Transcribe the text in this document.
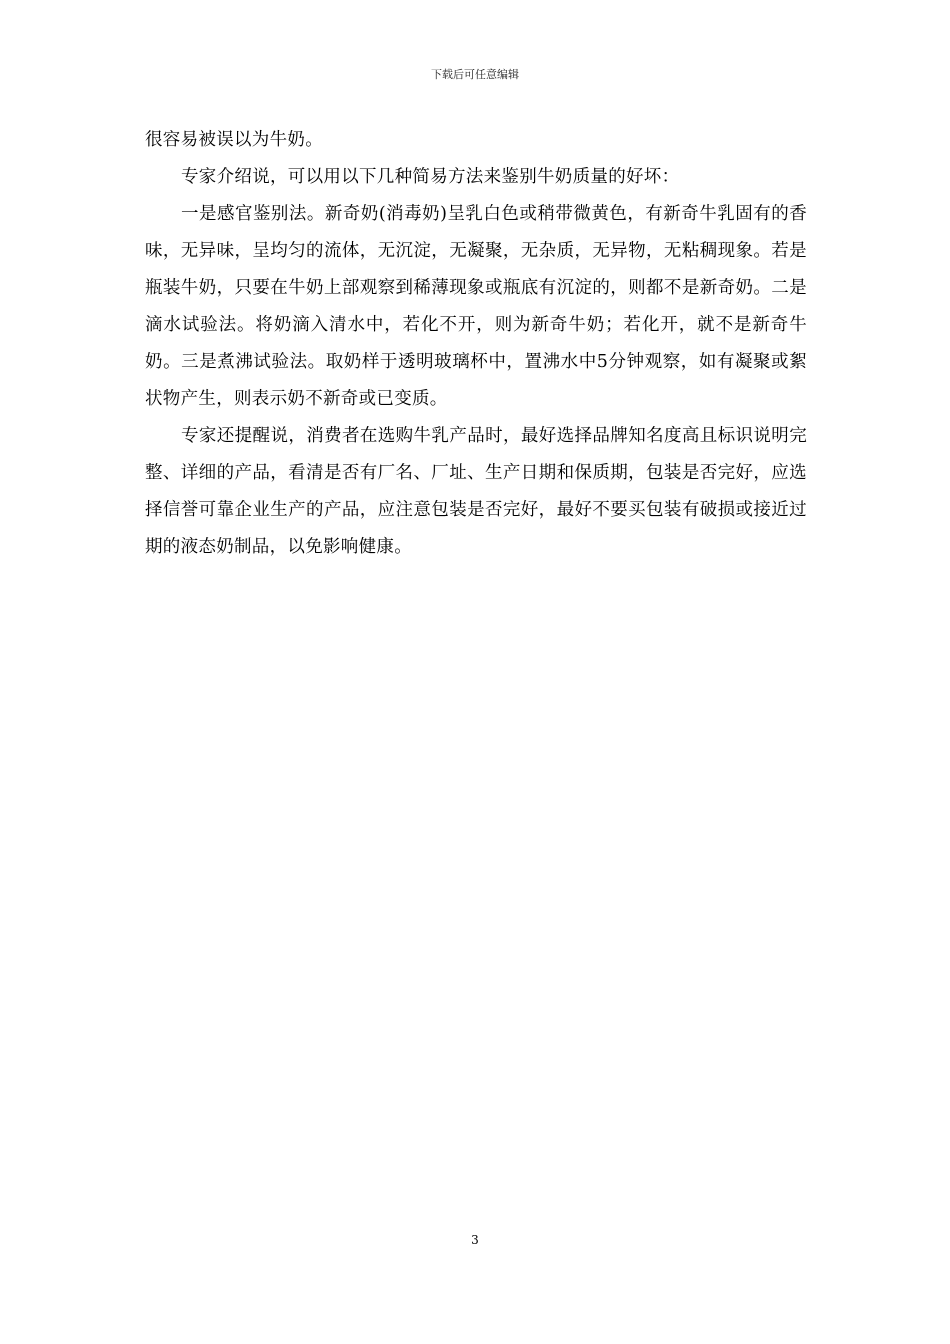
下载后可任意编辑

很容易被误以为牛奶。

专家介绍说，可以用以下几种简易方法来鉴别牛奶质量的好坏：

一是感官鉴别法。新奇奶(消毒奶)呈乳白色或稍带微黄色，有新奇牛乳固有的香味，无异味，呈均匀的流体，无沉淀，无凝聚，无杂质，无异物，无粘稠现象。若是瓶装牛奶，只要在牛奶上部观察到稀薄现象或瓶底有沉淀的，则都不是新奇奶。二是滴水试验法。将奶滴入清水中，若化不开，则为新奇牛奶；若化开，就不是新奇牛奶。三是煮沸试验法。取奶样于透明玻璃杯中，置沸水中5分钟观察，如有凝聚或絮状物产生，则表示奶不新奇或已变质。

专家还提醒说，消费者在选购牛乳产品时，最好选择品牌知名度高且标识说明完整、详细的产品，看清是否有厂名、厂址、生产日期和保质期，包装是否完好，应选择信誉可靠企业生产的产品，应注意包装是否完好，最好不要买包装有破损或接近过期的液态奶制品，以免影响健康。

3
